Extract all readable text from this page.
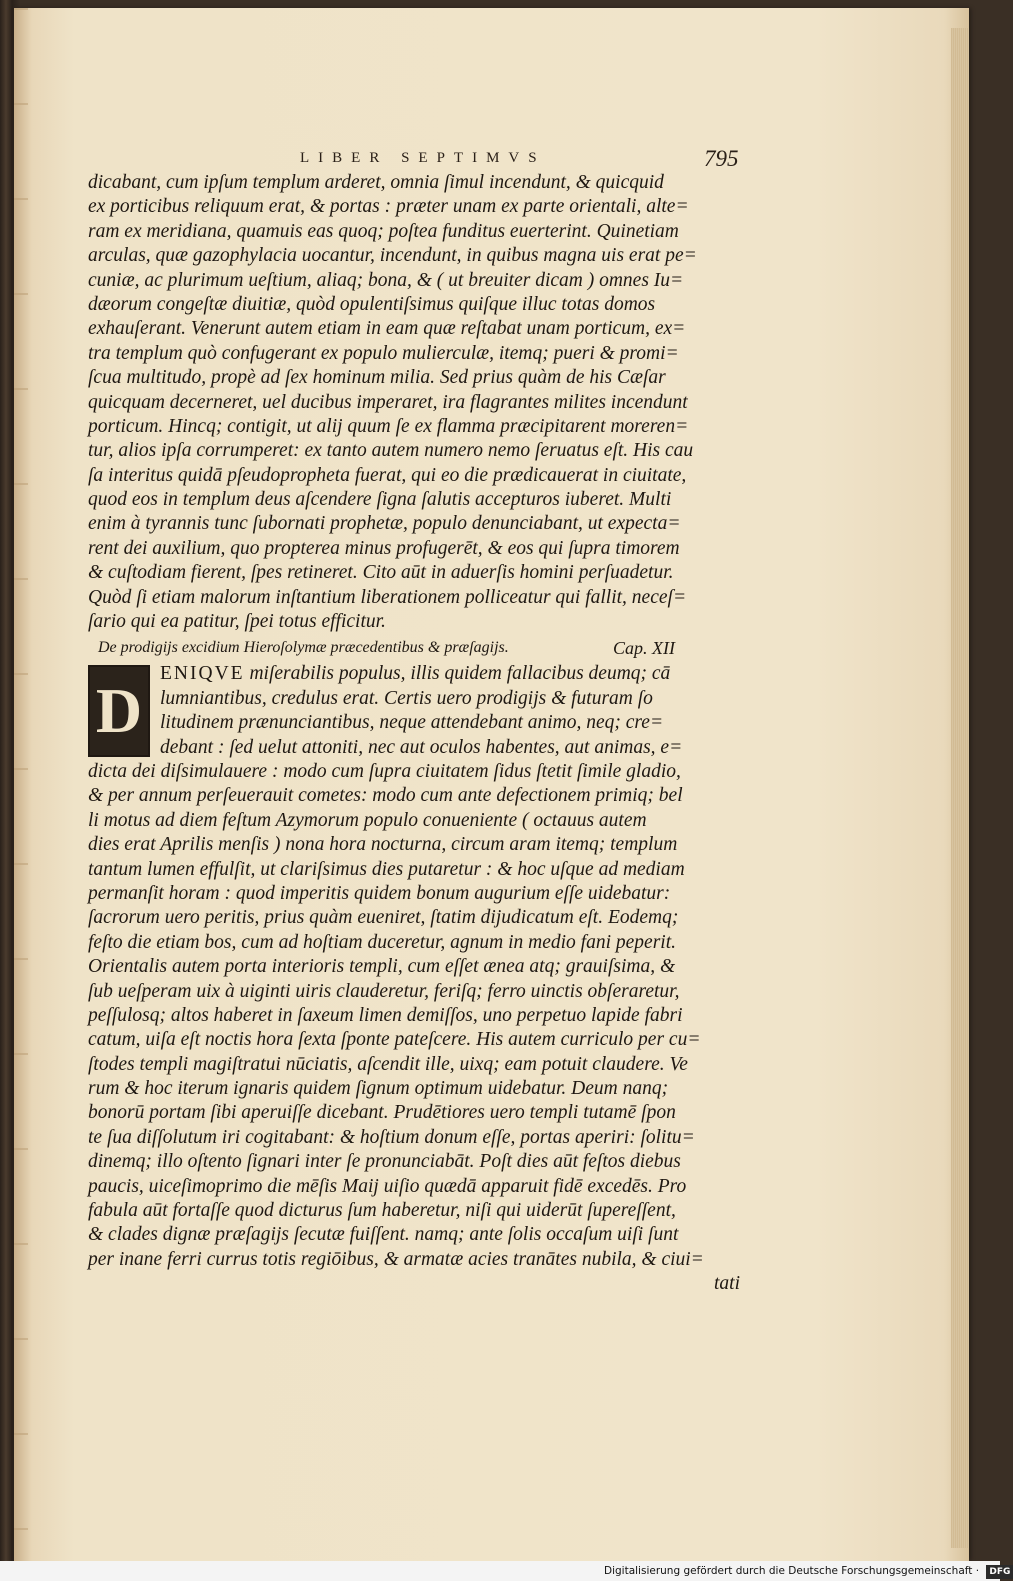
LIBER SEPTIMVS	795
dicabant, cum ipſum templum arderet, omnia ſimul incendunt, & quicquid
ex porticibus reliquum erat, & portas : præter unam ex parte orientali, alte=
ram ex meridiana, quamuis eas quoq; poſtea funditus euerterint. Quinetiam
arculas, quæ gazophylacia uocantur, incendunt, in quibus magna uis erat pe=
cuniæ, ac plurimum ueſtium, aliaq; bona, & ( ut breuiter dicam ) omnes Iu=
dæorum congeſtæ diuitiæ, quòd opulentiſsimus quiſque illuc totas domos
exhauſerant. Venerunt autem etiam in eam quæ reſtabat unam porticum, ex=
tra templum quò confugerant ex populo mulierculæ, itemq; pueri & promi=
ſcua multitudo, propè ad ſex hominum milia. Sed prius quàm de his Cæſar
quicquam decerneret, uel ducibus imperaret, ira flagrantes milites incendunt
porticum. Hincq; contigit, ut alij quum ſe ex flamma præcipitarent moreren=
tur, alios ipſa corrumperet: ex tanto autem numero nemo ſeruatus eſt. His cau
ſa interitus quidā pſeudopropheta fuerat, qui eo die prædicauerat in ciuitate,
quod eos in templum deus aſcendere ſigna ſalutis accepturos iuberet. Multi
enim à tyrannis tunc ſubornati prophetæ, populo denunciabant, ut expecta=
rent dei auxilium, quo propterea minus profugerēt, & eos qui ſupra timorem
& cuſtodiam fierent, ſpes retineret. Cito aūt in aduerſis homini perſuadetur.
Quòd ſi etiam malorum inſtantium liberationem polliceatur qui fallit, neceſ=
ſario qui ea patitur, ſpei totus efficitur.
De prodigijs excidium Hieroſolymæ præcedentibus & præſagijs.	Cap. XII
D
ENIQVE miſerabilis populus, illis quidem fallacibus deumq; cā
lumniantibus, credulus erat. Certis uero prodigijs & futuram ſo
litudinem prænunciantibus, neque attendebant animo, neq; cre=
debant : ſed uelut attoniti, nec aut oculos habentes, aut animas, e=
dicta dei diſsimulauere : modo cum ſupra ciuitatem ſidus ſtetit ſimile gladio,
& per annum perſeuerauit cometes: modo cum ante defectionem primiq; bel
li motus ad diem feſtum Azymorum populo conueniente ( octauus autem
dies erat Aprilis menſis ) nona hora nocturna, circum aram itemq; templum
tantum lumen effulſit, ut clariſsimus dies putaretur : & hoc uſque ad mediam
permanſit horam : quod imperitis quidem bonum augurium eſſe uidebatur:
ſacrorum uero peritis, prius quàm eueniret, ſtatim dijudicatum eſt. Eodemq;
feſto die etiam bos, cum ad hoſtiam duceretur, agnum in medio fani peperit.
Orientalis autem porta interioris templi, cum eſſet ænea atq; grauiſsima, &
ſub ueſperam uix à uiginti uiris clauderetur, feriſq; ferro uinctis obſeraretur,
peſſulosq; altos haberet in ſaxeum limen demiſſos, uno perpetuo lapide fabri
catum, uiſa eſt noctis hora ſexta ſponte pateſcere. His autem curriculo per cu=
ſtodes templi magiſtratui nūciatis, aſcendit ille, uixq; eam potuit claudere. Ve
rum & hoc iterum ignaris quidem ſignum optimum uidebatur. Deum nanq;
bonorū portam ſibi aperuiſſe dicebant. Prudētiores uero templi tutamē ſpon
te ſua diſſolutum iri cogitabant: & hoſtium donum eſſe, portas aperiri: ſolitu=
dinemq; illo oſtento ſignari inter ſe pronunciabāt. Poſt dies aūt feſtos diebus
paucis, uiceſimoprimo die mēſis Maij uiſio quædā apparuit fidē excedēs. Pro
fabula aūt fortaſſe quod dicturus ſum haberetur, niſi qui uiderūt ſupereſſent,
& clades dignæ præſagijs ſecutæ fuiſſent. namq; ante ſolis occaſum uiſi ſunt
per inane ferri currus totis regiōibus, & armatæ acies tranātes nubila, & ciui=
tati
Digitalisierung gefördert durch die Deutsche Forschungsgemeinschaft · DFG
